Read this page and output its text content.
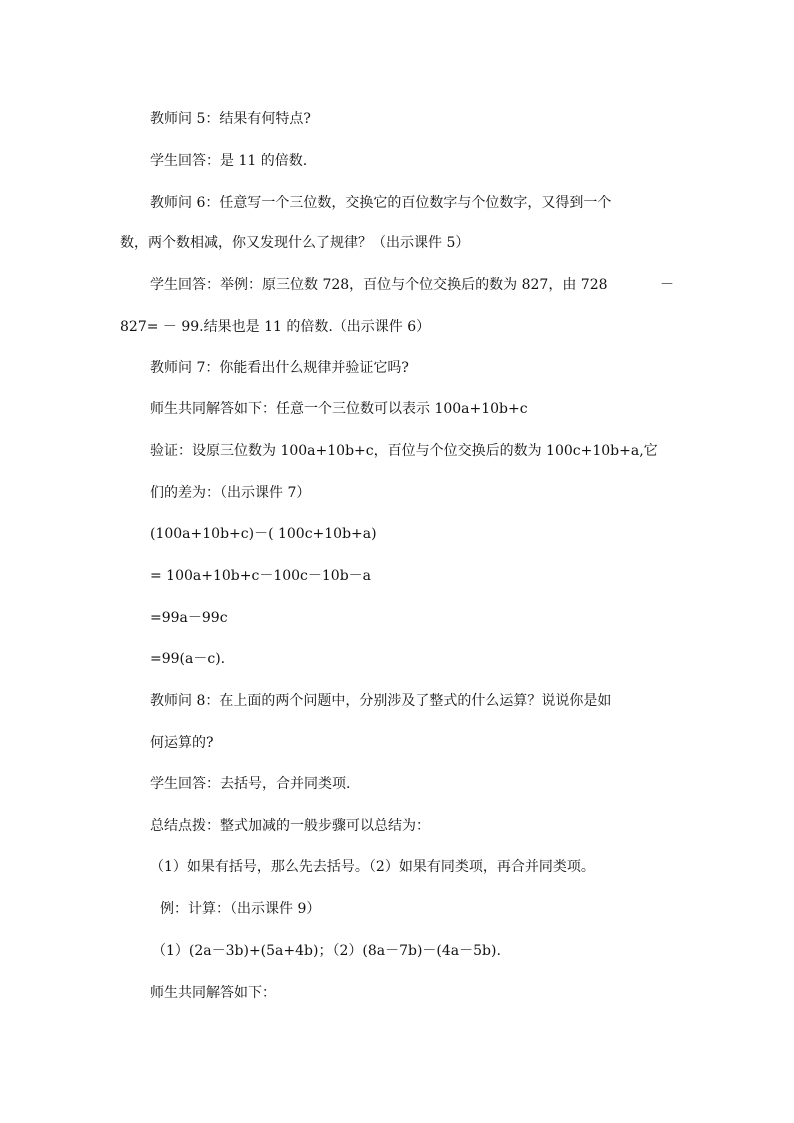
教师问 5：结果有何特点?
学生回答：是 11 的倍数.
教师问 6：任意写一个三位数，交换它的百位数字与个位数字，又得到一个
数，两个数相减，你又发现什么了规律？（出示课件 5）
学生回答：举例：原三位数 728，百位与个位交换后的数为 827，由 728	－
827= － 99.结果也是 11 的倍数.（出示课件 6）
教师问 7：你能看出什么规律并验证它吗?
师生共同解答如下：任意一个三位数可以表示 100a+10b+c
验证：设原三位数为 100a+10b+c，百位与个位交换后的数为 100c+10b+a,它
们的差为：（出示课件 7）
(100a+10b+c)－( 100c+10b+a)
= 100a+10b+c－100c－10b－a
=99a－99c
=99(a－c).
教师问 8：在上面的两个问题中，分别涉及了整式的什么运算？说说你是如
何运算的?
学生回答：去括号，合并同类项.
总结点拨：整式加减的一般步骤可以总结为：
（1）如果有括号，那么先去括号。（2）如果有同类项，再合并同类项。
例：计算：（出示课件 9）
（1）(2a－3b)+(5a+4b)；（2）(8a－7b)－(4a－5b).
师生共同解答如下：
